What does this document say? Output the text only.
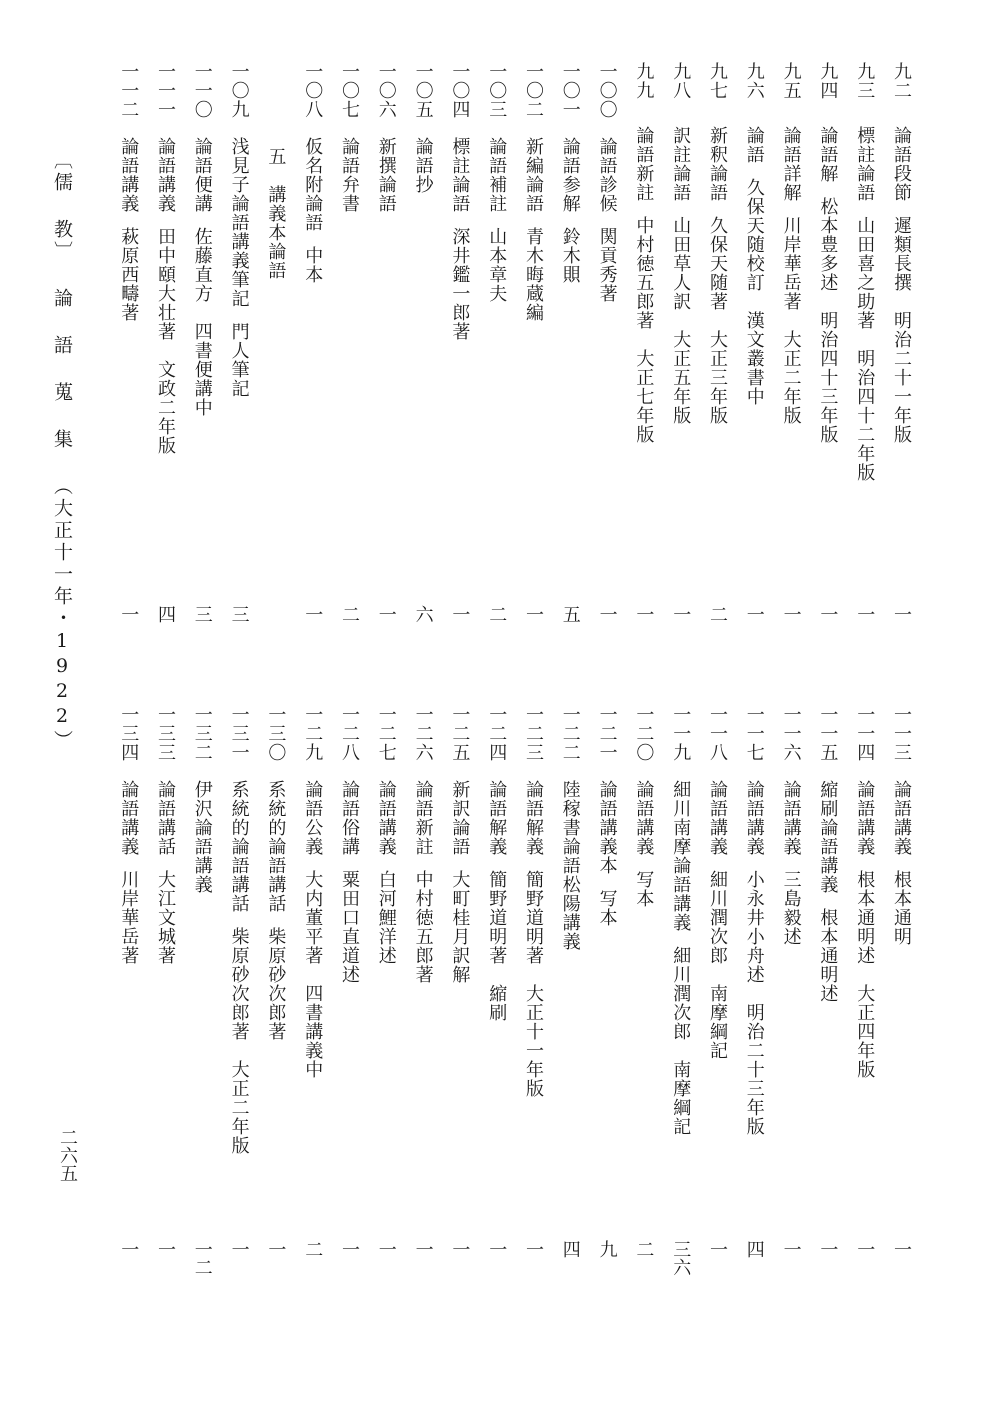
〔儒 教〕 論 語 蒐 集 （大正十一年・1922）
九二論語段節遲類長撰　明治二十一年版
一
九三標註論語山田喜之助著　明治四十二年版
一
九四論語解松本豊多述　明治四十三年版
一
九五論語詳解川岸華岳著　大正二年版
一
九六論語久保天随校訂　漢文叢書中
一
九七新釈論語久保天随著　大正三年版
二
九八訳註論語山田草人訳　大正五年版
一
九九論語新註中村徳五郎著　大正七年版
一
一〇〇論語診候関貢秀著
一
一〇一論語参解鈴木賏
五
一〇二新編論語青木晦蔵編
一
一〇三論語補註山本章夫
二
一〇四標註論語深井鑑一郎著
一
一〇五論語抄
六
一〇六新撰論語
一
一〇七論語弁書
二
一〇八仮名附論語中本
一
五　講義本論語
一〇九浅見子論語講義筆記門人筆記
三
一一〇論語便講佐藤直方　四書便講中
三
一一一論語講義田中頤大壮著　文政二年版
四
一一二論語講義萩原西疇著
一
一一三論語講義根本通明
一
一一四論語講義根本通明述　大正四年版
一
一一五縮刷論語講義根本通明述
一
一一六論語講義三島毅述
一
一一七論語講義小永井小舟述　明治二十三年版
四
一一八論語講義細川潤次郎　南摩綱記
一
一一九細川南摩論語講義細川潤次郎　南摩綱記
三六
一二〇論語講義写本
二
一二一論語講義本写本
九
一二二陸稼書論語松陽講義
四
一二三論語解義簡野道明著　大正十一年版
一
一二四論語解義簡野道明著　縮刷
一
一二五新訳論語大町桂月訳解
一
一二六論語新註中村徳五郎著
一
一二七論語講義白河鯉洋述
一
一二八論語俗講粟田口直道述
一
一二九論語公義大内董平著　四書講義中
二
一三〇系統的論語講話柴原砂次郎著
一
一三一系統的論語講話柴原砂次郎著　大正二年版
一
一三二伊沢論語講義
一二
一三三論語講話大江文城著
一
一三四論語講義川岸華岳著
一
二六五
